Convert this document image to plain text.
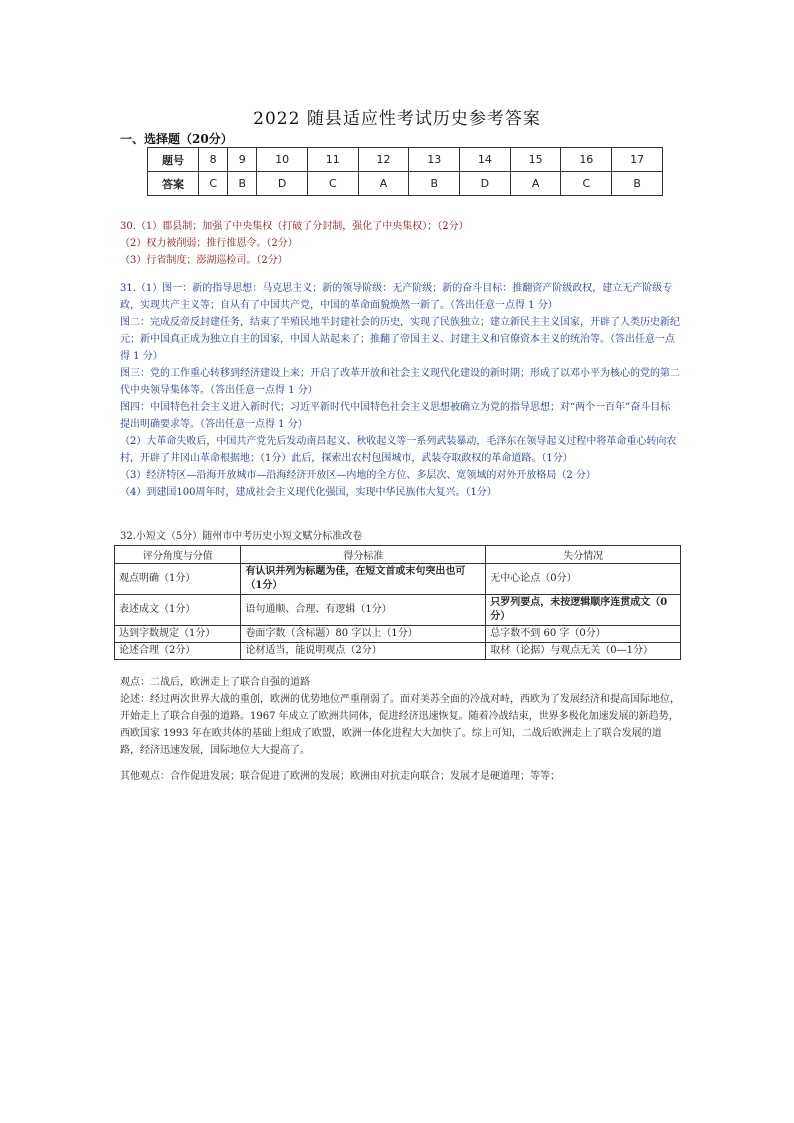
2022 随县适应性考试历史参考答案
一、选择题（20分）
题号	8	9	10	11	12	13	14	15	16	17
答案	C	B	D	C	A	B	D	A	C	B

30.（1）郡县制；加强了中央集权（打破了分封制，强化了中央集权）；（2分）

（2）权力被削弱；推行推恩令。（2分）

（3）行省制度；澎湖巡检司。（2分）

31.（1）图一：新的指导思想：马克思主义；新的领导阶级：无产阶级；新的奋斗目标：推翻资产阶级政权，建立无产阶级专政，实现共产主义等；自从有了中国共产党，中国的革命面貌焕然一新了。（答出任意一点得 1 分）

图二：完成反帝反封建任务，结束了半殖民地半封建社会的历史，实现了民族独立；建立新民主主义国家，开辟了人类历史新纪元；新中国真正成为独立自主的国家，中国人站起来了；推翻了帝国主义、封建主义和官僚资本主义的统治等。（答出任意一点得 1 分）

图三：党的工作重心转移到经济建设上来；开启了改革开放和社会主义现代化建设的新时期；形成了以邓小平为核心的党的第二代中央领导集体等。（答出任意一点得 1 分）

图四：中国特色社会主义进入新时代；习近平新时代中国特色社会主义思想被确立为党的指导思想；对“两个一百年”奋斗目标提出明确要求等。（答出任意一点得 1 分）

（2）大革命失败后，中国共产党先后发动南昌起义、秋收起义等一系列武装暴动，毛泽东在领导起义过程中将革命重心转向农村，开辟了井冈山革命根据地；（1分）此后，探索出农村包围城市，武装夺取政权的革命道路。（1分）

（3）经济特区—沿海开放城市—沿海经济开放区—内地的全方位、多层次、宽领域的对外开放格局（2 分）

（4）到建国100周年时，建成社会主义现代化强国，实现中华民族伟大复兴。（1分）

32.小短文（5分）随州市中考历史小短文赋分标准改卷
评分角度与分值	得分标准	失分情况
观点明确（1分）	有认识并列为标题为佳，在短文首或末句突出也可（1分）	无中心论点（0分）
表述成文（1分）	语句通顺、合理、有逻辑（1分）	只罗列要点，未按逻辑顺序连贯成文（0分）
达到字数规定（1分）	卷面字数（含标题）80 字以上（1分）	总字数不到 60 字（0分）
论述合理（2分）	论材适当，能说明观点（2分）	取材（论据）与观点无关（0—1分）

观点：二战后，欧洲走上了联合自强的道路

论述：经过两次世界大战的重创，欧洲的优势地位严重削弱了。面对美苏全面的冷战对峙，西欧为了发展经济和提高国际地位，开始走上了联合自强的道路。1967 年成立了欧洲共同体，促进经济迅速恢复。随着冷战结束，世界多极化加速发展的新趋势，西欧国家 1993 年在欧共体的基础上组成了欧盟，欧洲一体化进程大大加快了。综上可知，二战后欧洲走上了联合发展的道路，经济迅速发展，国际地位大大提高了。

其他观点：合作促进发展；联合促进了欧洲的发展；欧洲由对抗走向联合；发展才是硬道理；等等；
